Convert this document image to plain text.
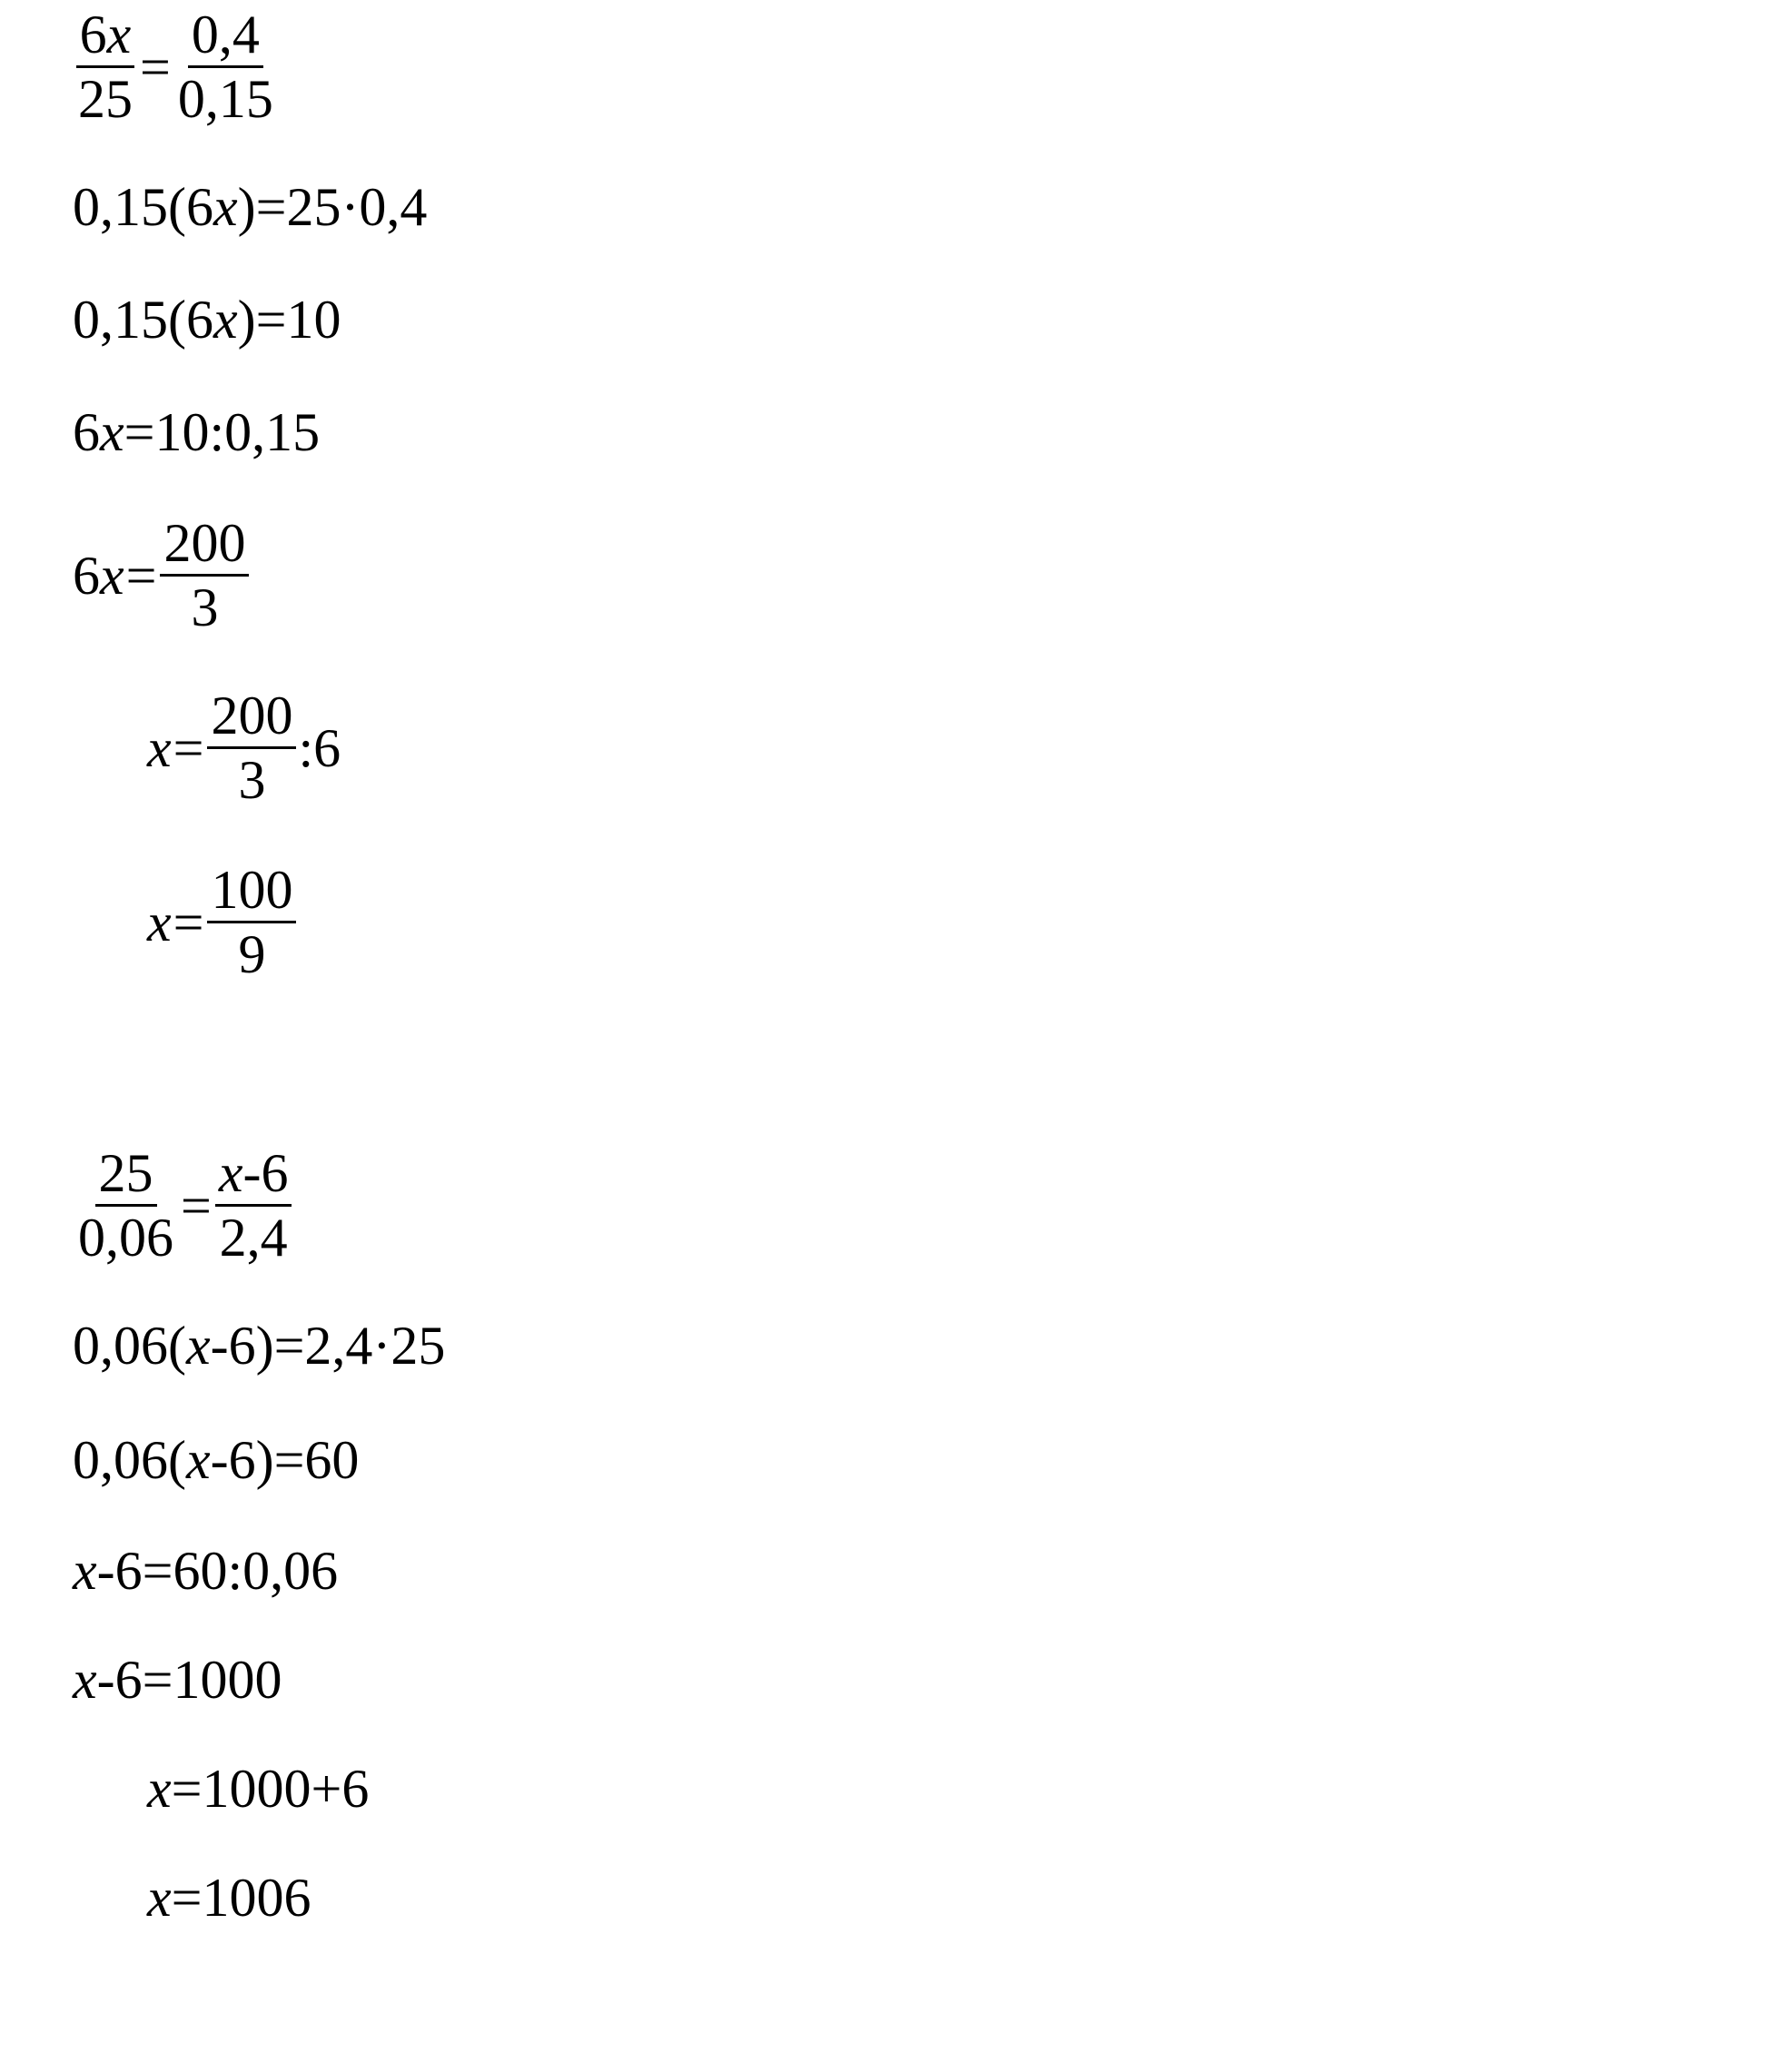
$\frac{6x}{25} = \frac{0,4}{0,15}$
0,15(6 x )=25·0,4
0,15(6 x )=10
6 x =10:0,15
6 $x = \frac{200}{3}$
$x = \frac{200}{3}$ :6
$x = \frac{100}{9}$
$\frac{25}{0,06} = \frac{x-6}{2,4}$
0,06( x -6)=2,4·25
0,06( x -6)=60
x -6=60:0,06
x -6=1000
x =1000+6
x =1006
